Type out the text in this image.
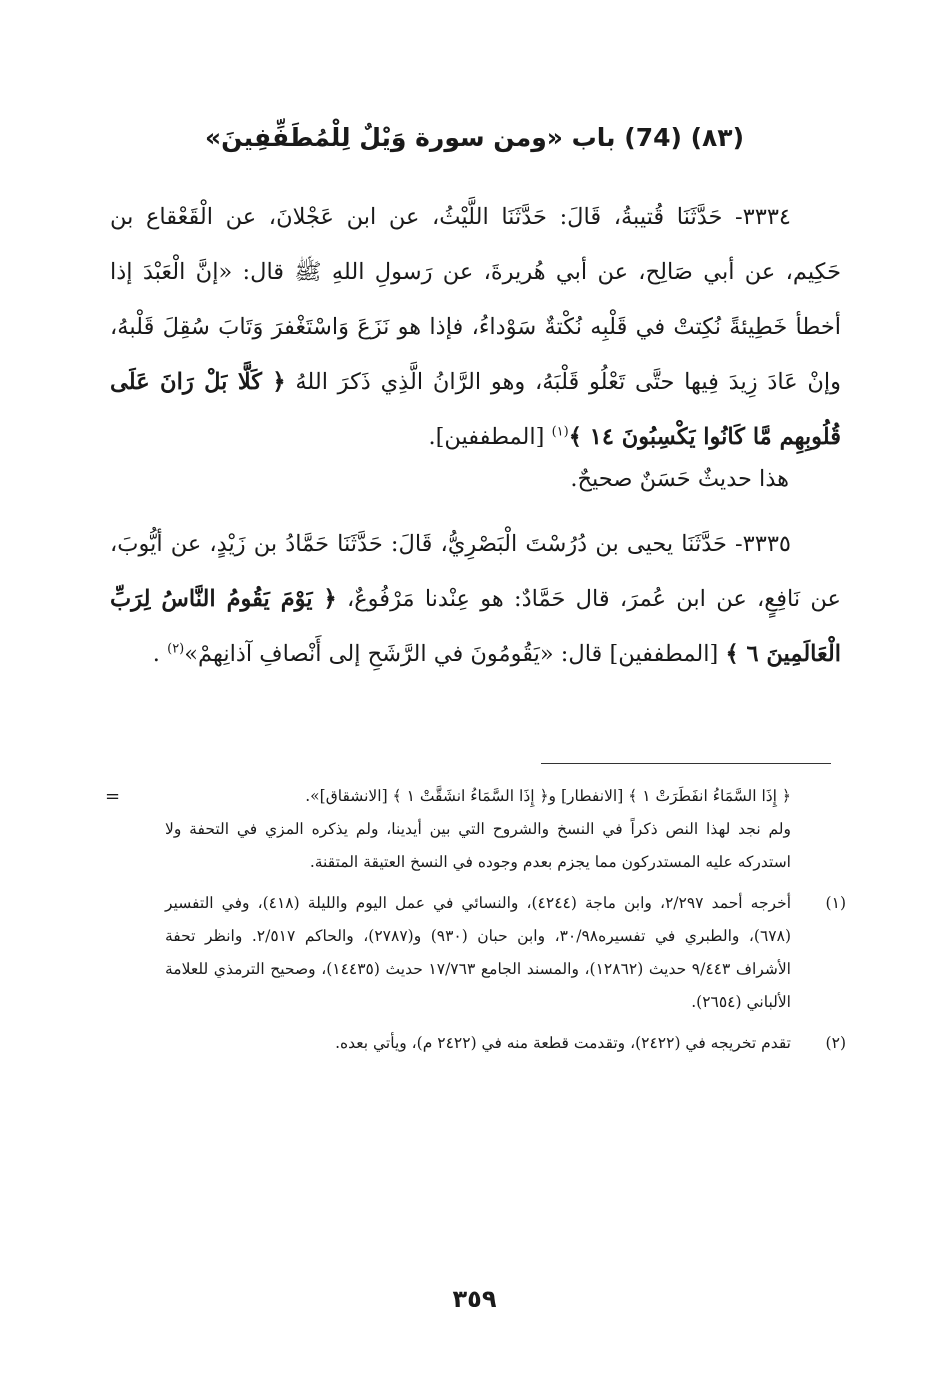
(٨٣) (74) باب «ومن سورة وَيْلٌ لِلْمُطَفِّفِينَ»
٣٣٣٤- حَدَّثَنَا قُتيبةُ، قَالَ: حَدَّثَنَا اللَّيْثُ، عن ابن عَجْلانَ، عن الْقَعْقاع بن حَكِيم، عن أبي صَالِح، عن أبي هُريرةَ، عن رَسولِ اللهِ ﷺ قال: «إنَّ الْعَبْدَ إذا أخطأ خَطِيئةً نُكِتتْ في قَلْبِه نُكْتةٌ سَوْداءُ، فإذا هو نَزَعَ وَاسْتَغْفرَ وَتَابَ سُقِلَ قَلْبهُ، وإنْ عَادَ زِيدَ فِيها حتَّى تَعْلُو قَلْبَهُ، وهو الرَّانُ الَّذِي ذَكرَ اللهُ ﴿ كَلَّا بَلْ رَانَ عَلَى قُلُوبِهِم مَّا كَانُوا يَكْسِبُونَ ١٤ ﴾$^{(١)}$ [المطففين].
هذا حديثٌ حَسَنٌ صحيحٌ.
٣٣٣٥- حَدَّثَنَا يحيى بن دُرُسْتَ الْبَصْرِيُّ، قَالَ: حَدَّثَنَا حَمَّادُ بن زَيْدٍ، عن أيُّوبَ، عن نَافِعٍ، عن ابن عُمرَ، قال حَمَّادٌ: هو عِنْدنا مَرْفُوعٌ، ﴿ يَوْمَ يَقُومُ النَّاسُ لِرَبِّ الْعَالَمِينَ ٦ ﴾ [المطففين] قال: «يَقُومُونَ في الرَّشَحِ إلى أَنْصافِ آذانِهمْ»$^{(٢)}$ .
=	﴿ إِذَا السَّمَاءُ انفَطَرَتْ ١ ﴾ [الانفطار] و﴿ إِذَا السَّمَاءُ انشَقَّتْ ١ ﴾ [الانشقاق]».
ولم نجد لهذا النص ذكراً في النسخ والشروح التي بين أيدينا، ولم يذكره المزي في التحفة ولا استدركه عليه المستدركون مما يجزم بعدم وجوده في النسخ العتيقة المتقنة.
(١)
أخرجه أحمد ٢/٢٩٧، وابن ماجة (٤٢٤٤)، والنسائي في عمل اليوم والليلة (٤١٨)، وفي التفسير (٦٧٨)، والطبري في تفسيره٣٠/٩٨، وابن حبان (٩٣٠) و(٢٧٨٧)، والحاكم ٢/٥١٧. وانظر تحفة الأشراف ٩/٤٤٣ حديث (١٢٨٦٢)، والمسند الجامع ١٧/٧٦٣ حديث (١٤٤٣٥)، وصحيح الترمذي للعلامة الألباني (٢٦٥٤).
(٢)
تقدم تخريجه في (٢٤٢٢)، وتقدمت قطعة منه في (٢٤٢٢ م)، ويأتي بعده.
٣٥٩
